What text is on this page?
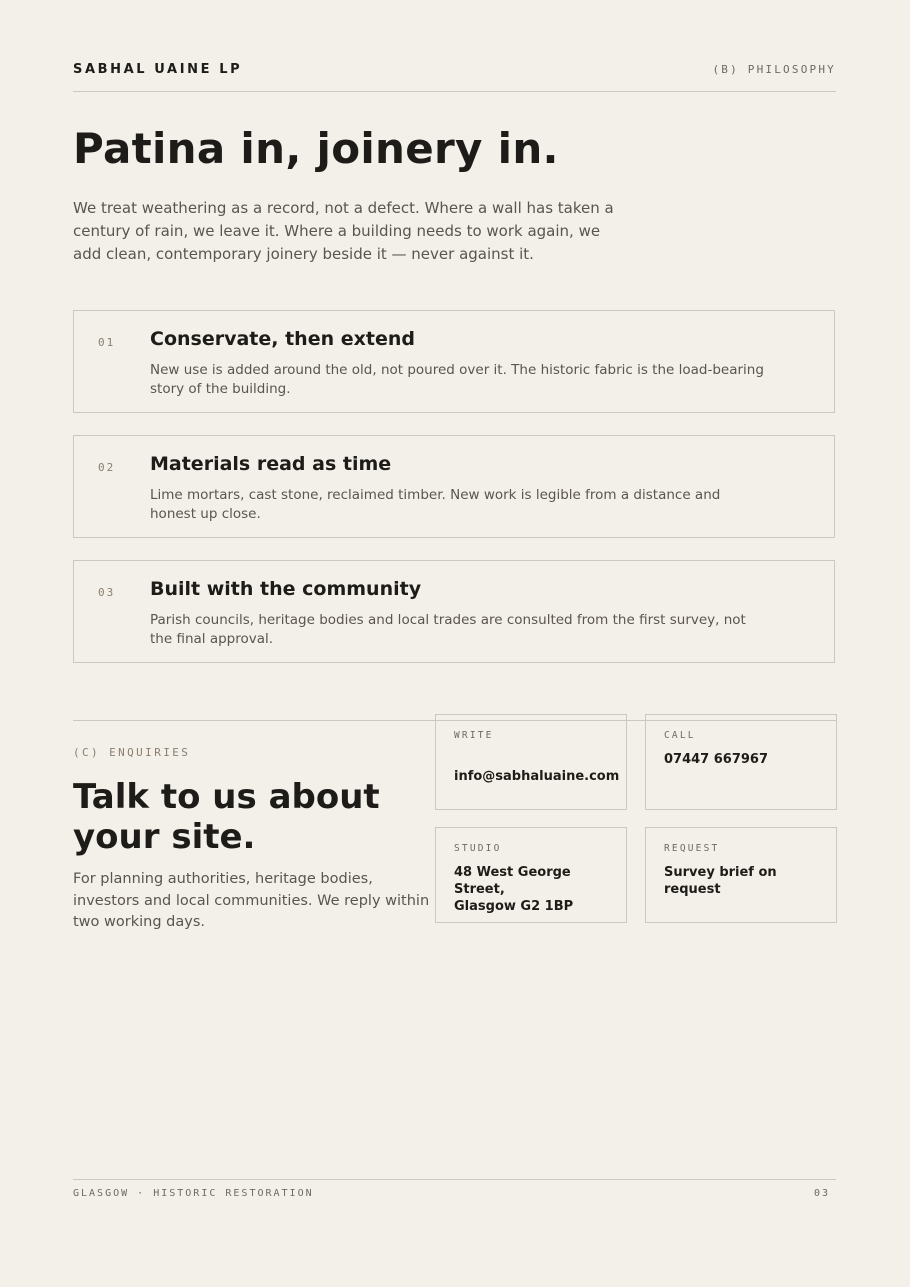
SABHAL UAINE LP	(B) PHILOSOPHY
Patina in, joinery in.

We treat weathering as a record, not a defect. Where a wall has taken a century of rain, we leave it. Where a building needs to work again, we add clean, contemporary joinery beside it — never against it.

01 Conservate, then extend

New use is added around the old, not poured over it. The historic fabric is the load-bearing story of the building.

02 Materials read as time

Lime mortars, cast stone, reclaimed timber. New work is legible from a distance and honest up close.

03 Built with the community

Parish councils, heritage bodies and local trades are consulted from the first survey, not the final approval.

(C) ENQUIRIES
Talk to us about your site.

For planning authorities, heritage bodies, investors and local communities. We reply within two working days.

WRITE
info@sabhaluaine.com
CALL
07447 667967
STUDIO
48 West George Street,
Glasgow G2 1BP
REQUEST
Survey brief on request
GLASGOW · HISTORIC RESTORATION	03
